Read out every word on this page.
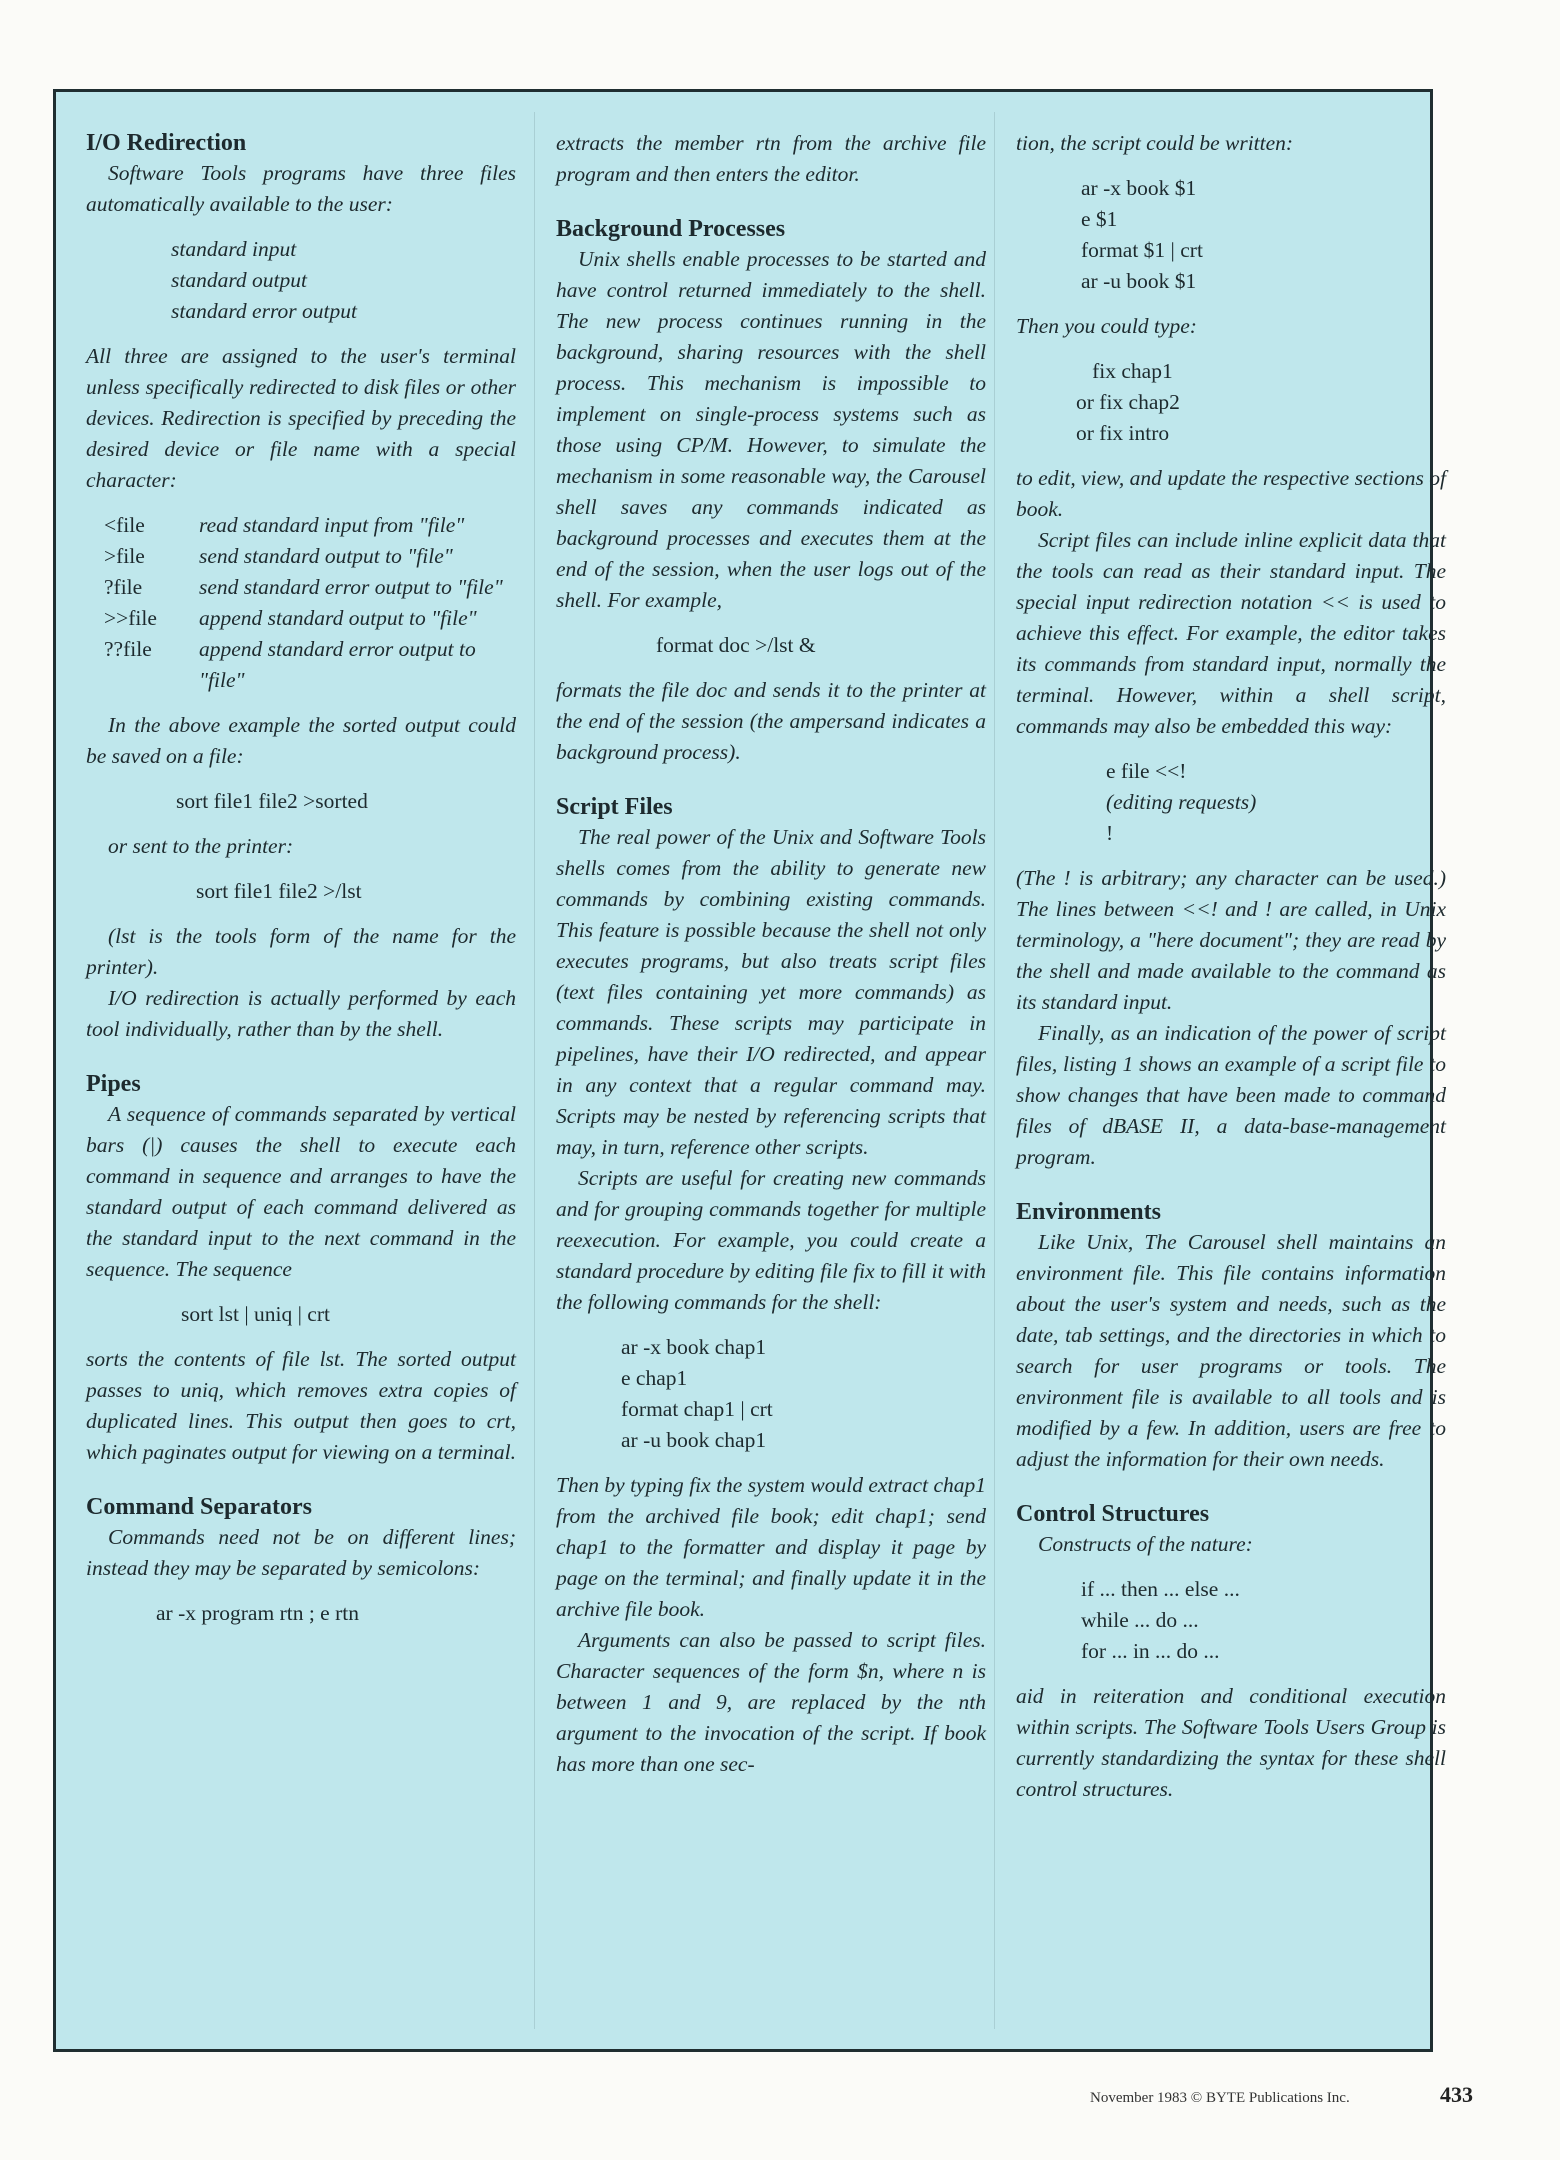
I/O Redirection

Software Tools programs have three files automatically available to the user:

standard input
standard output
standard error output

All three are assigned to the user's terminal unless specifically redirected to disk files or other devices. Redirection is specified by preceding the desired device or file name with a special character:

<file	read standard input from "file"
>file	send standard output to "file"
?file	send standard error output to "file"
>>file	append standard output to "file"
??file	append standard error output to "file"

In the above example the sorted output could be saved on a file:

sort file1 file2 >sorted

or sent to the printer:

sort file1 file2 >/lst

(lst is the tools form of the name for the printer).

I/O redirection is actually performed by each tool individually, rather than by the shell.

Pipes

A sequence of commands separated by vertical bars (|) causes the shell to execute each command in sequence and arranges to have the standard output of each command delivered as the standard input to the next command in the sequence. The sequence

sort lst | uniq | crt

sorts the contents of file lst. The sorted output passes to uniq, which removes extra copies of duplicated lines. This output then goes to crt, which paginates output for viewing on a terminal.

Command Separators

Commands need not be on different lines; instead they may be separated by semicolons:

ar -x program rtn ; e rtn

extracts the member rtn from the archive file program and then enters the editor.

Background Processes

Unix shells enable processes to be started and have control returned immediately to the shell. The new process continues running in the background, sharing resources with the shell process. This mechanism is impossible to implement on single-process systems such as those using CP/M. However, to simulate the mechanism in some reasonable way, the Carousel shell saves any commands indicated as background processes and executes them at the end of the session, when the user logs out of the shell. For example,

format doc >/lst &

formats the file doc and sends it to the printer at the end of the session (the ampersand indicates a background process).

Script Files

The real power of the Unix and Software Tools shells comes from the ability to generate new commands by combining existing commands. This feature is possible because the shell not only executes programs, but also treats script files (text files containing yet more commands) as commands. These scripts may participate in pipelines, have their I/O redirected, and appear in any context that a regular command may. Scripts may be nested by referencing scripts that may, in turn, reference other scripts.

Scripts are useful for creating new commands and for grouping commands together for multiple reexecution. For example, you could create a standard procedure by editing file fix to fill it with the following commands for the shell:

ar -x book chap1
e chap1
format chap1 | crt
ar -u book chap1

Then by typing fix the system would extract chap1 from the archived file book; edit chap1; send chap1 to the formatter and display it page by page on the terminal; and finally update it in the archive file book.

Arguments can also be passed to script files. Character sequences of the form $n, where n is between 1 and 9, are replaced by the nth argument to the invocation of the script. If book has more than one sec-

tion, the script could be written:

ar -x book $1
e $1
format $1 | crt
ar -u book $1

Then you could type:

fix chap1
or fix chap2
or fix intro

to edit, view, and update the respective sections of book.

Script files can include inline explicit data that the tools can read as their standard input. The special input redirection notation << is used to achieve this effect. For example, the editor takes its commands from standard input, normally the terminal. However, within a shell script, commands may also be embedded this way:

e file <<!
(editing requests)
!

(The ! is arbitrary; any character can be used.) The lines between <<! and ! are called, in Unix terminology, a "here document"; they are read by the shell and made available to the command as its standard input.

Finally, as an indication of the power of script files, listing 1 shows an example of a script file to show changes that have been made to command files of dBASE II, a data-base-management program.

Environments

Like Unix, The Carousel shell maintains an environment file. This file contains information about the user's system and needs, such as the date, tab settings, and the directories in which to search for user programs or tools. The environment file is available to all tools and is modified by a few. In addition, users are free to adjust the information for their own needs.

Control Structures

Constructs of the nature:

if ... then ... else ...
while ... do ...
for ... in ... do ...

aid in reiteration and conditional execution within scripts. The Software Tools Users Group is currently standardizing the syntax for these shell control structures.

November 1983 © BYTE Publications Inc.	433
